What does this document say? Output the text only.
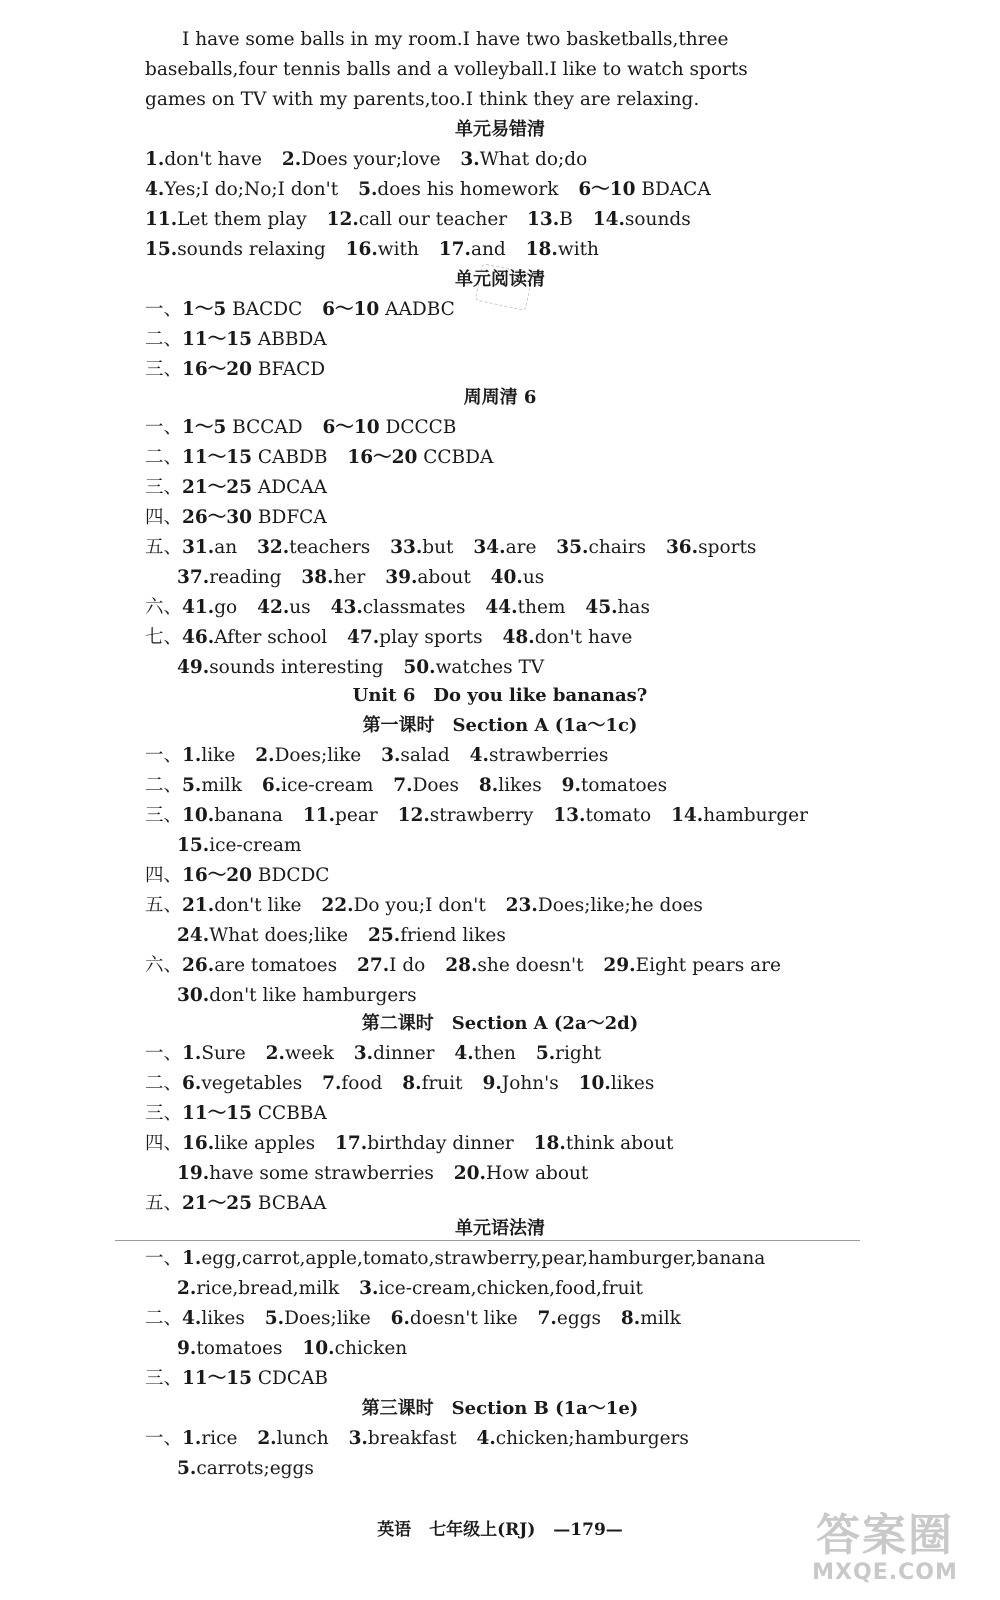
I have some balls in my room.I have two basketballs,three
baseballs,four tennis balls and a volleyball.I like to watch sports
games on TV with my parents,too.I think they are relaxing.
单元易错清
1.don't have 2.Does your;love 3.What do;do
4.Yes;I do;No;I don't 5.does his homework 6～10 BDACA
11.Let them play 12.call our teacher 13.B 14.sounds
15.sounds relaxing 16.with 17.and 18.with
单元阅读清
一、1～5 BACDC 6～10 AADBC
二、11～15 ABBDA
三、16～20 BFACD
周周清 6
一、1～5 BCCAD 6～10 DCCCB
二、11～15 CABDB 16～20 CCBDA
三、21～25 ADCAA
四、26～30 BDFCA
五、31.an 32.teachers 33.but 34.are 35.chairs 36.sports
37.reading 38.her 39.about 40.us
六、41.go 42.us 43.classmates 44.them 45.has
七、46.After school 47.play sports 48.don't have
49.sounds interesting 50.watches TV
Unit 6　Do you like bananas?
第一课时　Section A (1a～1c)
一、1.like 2.Does;like 3.salad 4.strawberries
二、5.milk 6.ice-cream 7.Does 8.likes 9.tomatoes
三、10.banana 11.pear 12.strawberry 13.tomato 14.hamburger
15.ice-cream
四、16～20 BDCDC
五、21.don't like 22.Do you;I don't 23.Does;like;he does
24.What does;like 25.friend likes
六、26.are tomatoes 27.I do 28.she doesn't 29.Eight pears are
30.don't like hamburgers
第二课时　Section A (2a～2d)
一、1.Sure 2.week 3.dinner 4.then 5.right
二、6.vegetables 7.food 8.fruit 9.John's 10.likes
三、11～15 CCBBA
四、16.like apples 17.birthday dinner 18.think about
19.have some strawberries 20.How about
五、21～25 BCBAA
单元语法清
一、1.egg,carrot,apple,tomato,strawberry,pear,hamburger,banana
2.rice,bread,milk 3.ice-cream,chicken,food,fruit
二、4.likes 5.Does;like 6.doesn't like 7.eggs 8.milk
9.tomatoes 10.chicken
三、11～15 CDCAB
第三课时　Section B (1a～1e)
一、1.rice 2.lunch 3.breakfast 4.chicken;hamburgers
5.carrots;eggs
英语 七年级上(RJ) —179—	答案圈
MXQE.COM
